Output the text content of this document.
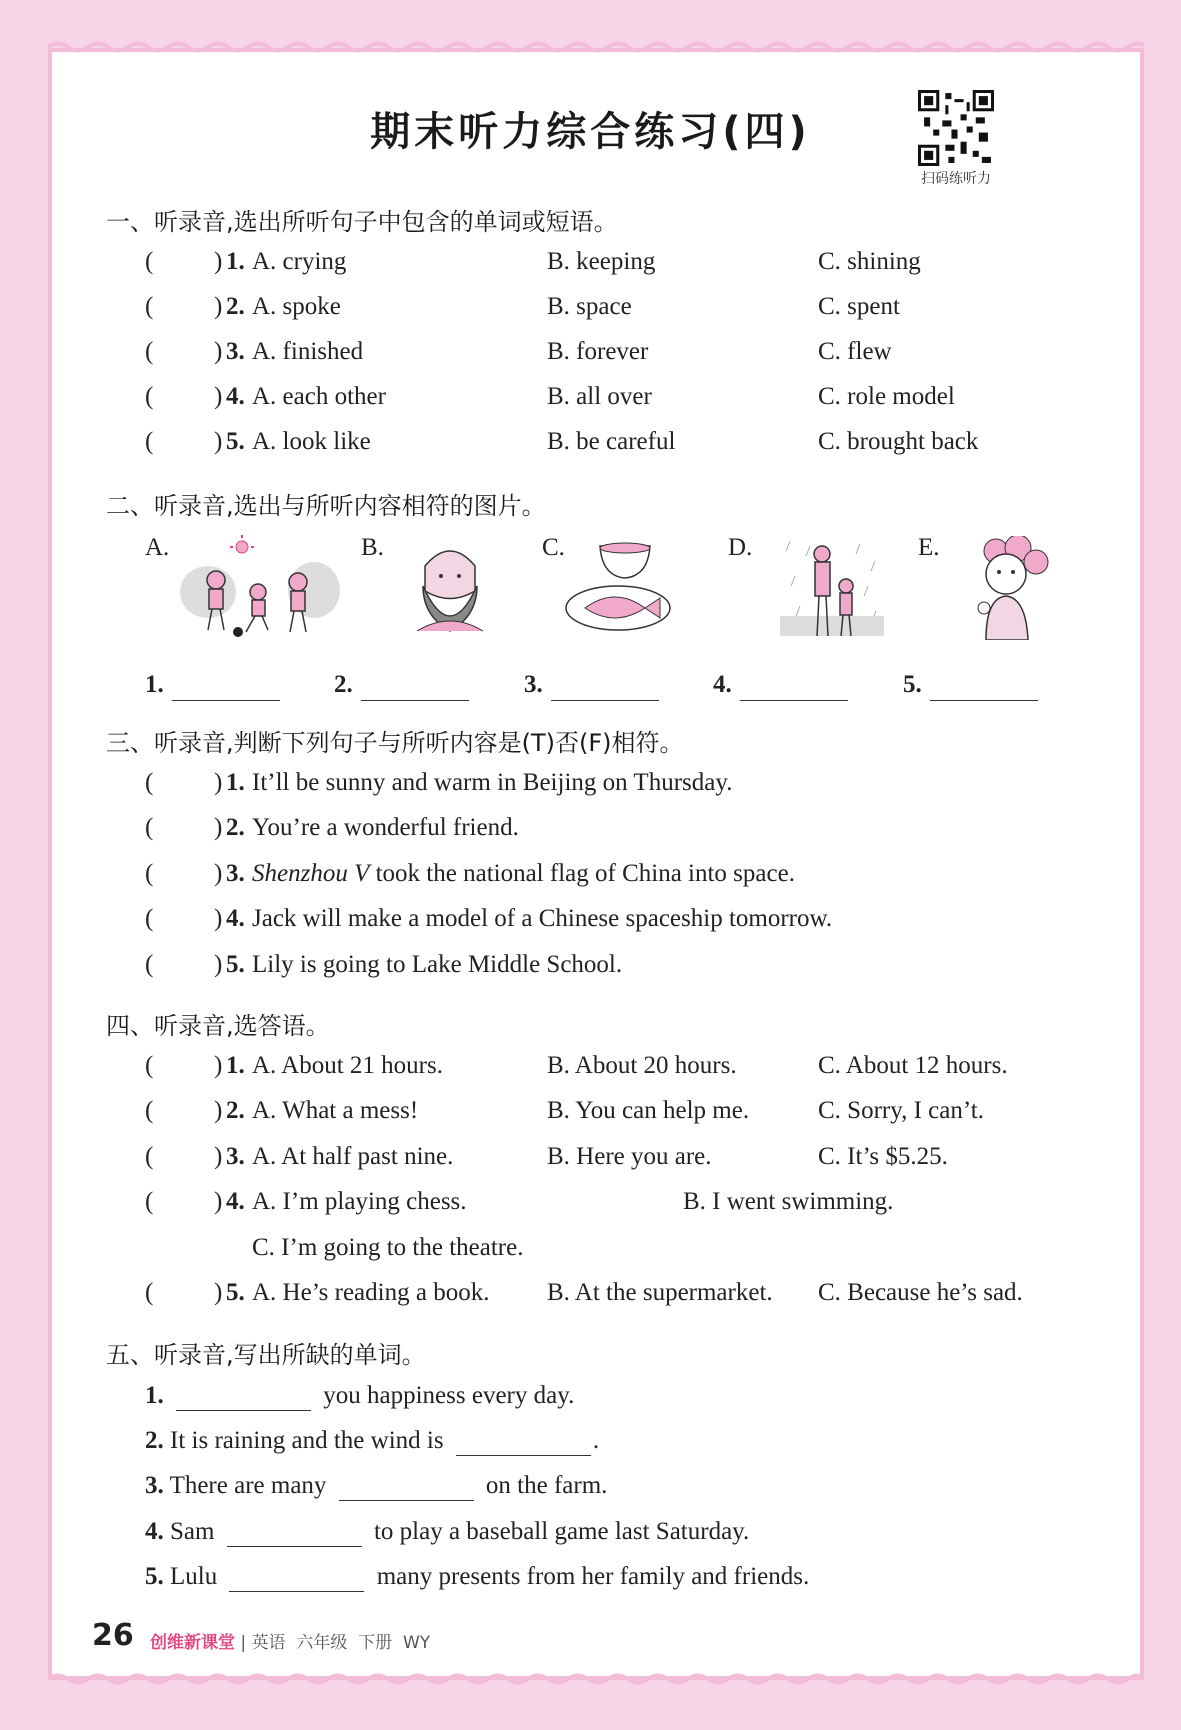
期末听力综合练习(四)
扫码练听力
一、听录音,选出所听句子中包含的单词或短语。
( ) 1. A. crying	B. keeping	C. shining
( ) 2. A. spoke	B. space	C. spent
( ) 3. A. finished	B. forever	C. flew
( ) 4. A. each other	B. all over	C. role model
( ) 5. A. look like	B. be careful	C. brought back
二、听录音,选出与所听内容相符的图片。
A.	B.	C.	D.	E.
1.	2.	3.	4.	5.
三、听录音,判断下列句子与所听内容是(T)否(F)相符。
( ) 1. It’ll be sunny and warm in Beijing on Thursday.
( ) 2. You’re a wonderful friend.
( ) 3. Shenzhou V took the national flag of China into space.
( ) 4. Jack will make a model of a Chinese spaceship tomorrow.
( ) 5. Lily is going to Lake Middle School.
四、听录音,选答语。
( ) 1. A. About 21 hours.	B. About 20 hours.	C. About 12 hours.
( ) 2. A. What a mess!	B. You can help me.	C. Sorry, I can’t.
( ) 3. A. At half past nine.	B. Here you are.	C. It’s $5.25.
( ) 4. A. I’m playing chess.	B. I went swimming.
C. I’m going to the theatre.
( ) 5. A. He’s reading a book. B. At the supermarket. C. Because he’s sad.
五、听录音,写出所缺的单词。
1.	you happiness every day.
2. It is raining and the wind is	.
3. There are many	on the farm.
4. Sam	to play a baseball game last Saturday.
5. Lulu	many presents from her family and friends.
26 创维新课堂 | 英语  六年级  下册  WY
